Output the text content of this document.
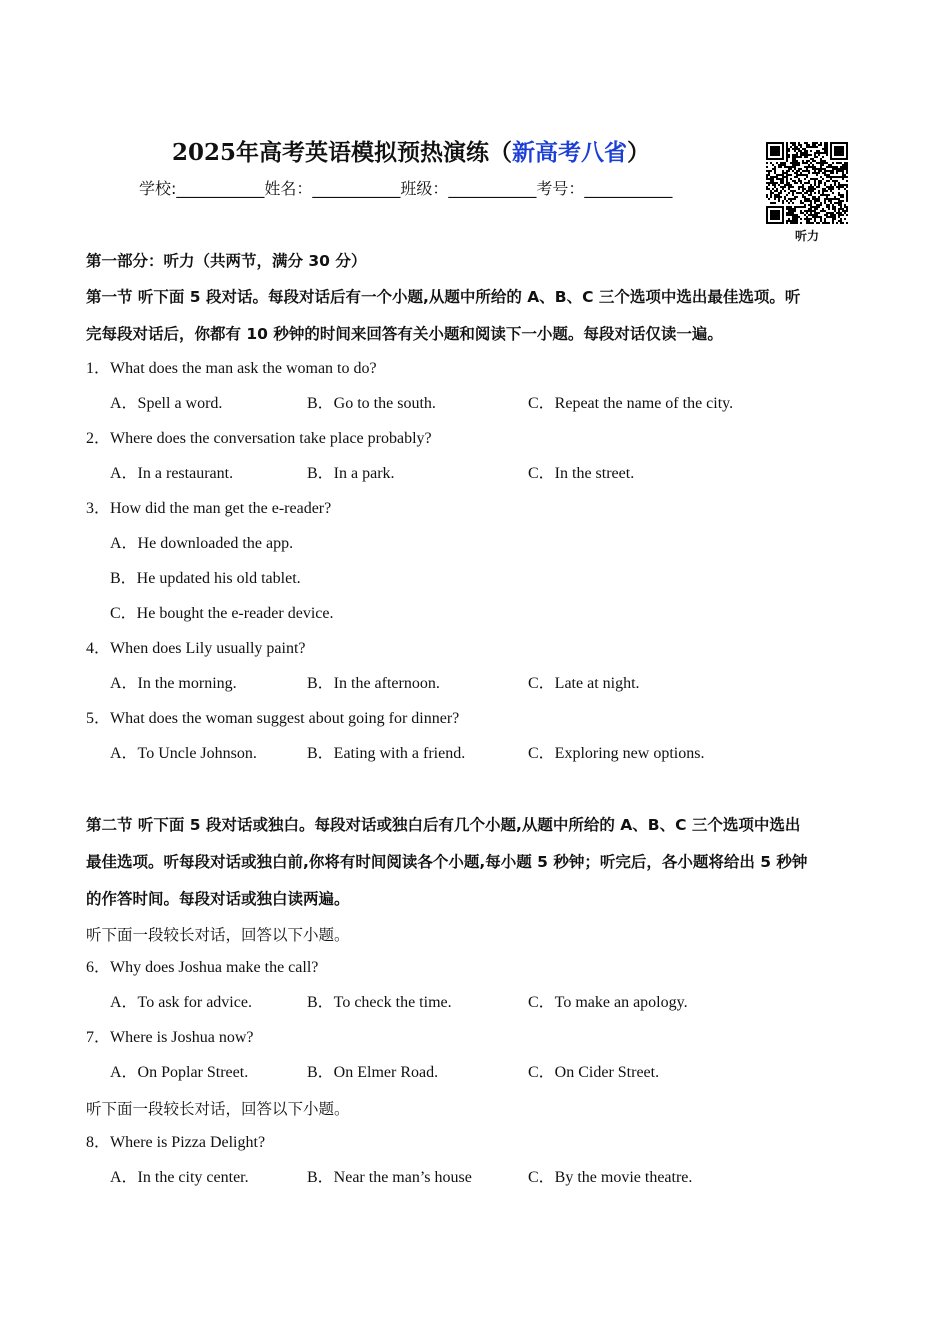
2025年高考英语模拟预热演练（新高考八省）
学校:___________姓名：___________班级：___________考号：___________
听力
第一部分：听力（共两节，满分 30 分）
第一节 听下面 5 段对话。每段对话后有一个小题,从题中所给的 A、B、C 三个选项中选出最佳选项。听
完每段对话后，你都有 10 秒钟的时间来回答有关小题和阅读下一小题。每段对话仅读一遍。
1．What does the man ask the woman to do?
A．Spell a word.	B．Go to the south.	C．Repeat the name of the city.
2．Where does the conversation take place probably?
A．In a restaurant.	B．In a park.	C．In the street.
3．How did the man get the e-reader?
A．He downloaded the app.
B．He updated his old tablet.
C．He bought the e-reader device.
4．When does Lily usually paint?
A．In the morning.	B．In the afternoon.	C．Late at night.
5．What does the woman suggest about going for dinner?
A．To Uncle Johnson.	B．Eating with a friend.	C．Exploring new options.
第二节 听下面 5 段对话或独白。每段对话或独白后有几个小题,从题中所给的 A、B、C 三个选项中选出
最佳选项。听每段对话或独白前,你将有时间阅读各个小题,每小题 5 秒钟；听完后，各小题将给出 5 秒钟
的作答时间。每段对话或独白读两遍。
听下面一段较长对话，回答以下小题。
6．Why does Joshua make the call?
A．To ask for advice.	B．To check the time.	C．To make an apology.
7．Where is Joshua now?
A．On Poplar Street.	B．On Elmer Road.	C．On Cider Street.
听下面一段较长对话，回答以下小题。
8．Where is Pizza Delight?
A．In the city center.	B．Near the man’s house	C．By the movie theatre.
